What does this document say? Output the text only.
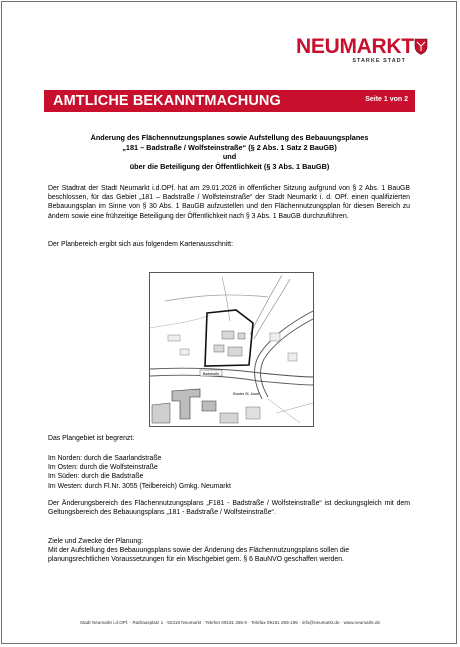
NEUMARKT
STARKE STADT
AMTLICHE BEKANNTMACHUNG	Seite 1 von 2
Änderung des Flächennutzungsplanes sowie Aufstellung des Bebauungsplanes
„181 – Badstraße / Wolfsteinstraße“ (§ 2 Abs. 1 Satz 2 BauGB)
und
über die Beteiligung der Öffentlichkeit (§ 3 Abs. 1 BauGB)
Der Stadtrat der Stadt Neumarkt i.d.OPf. hat am 29.01.2026 in öffentlicher Sitzung aufgrund von § 2 Abs. 1 BauGB beschlossen, für das Gebiet „181 – Badstraße / Wolfsteinstraße“ der Stadt Neumarkt i. d. OPf. einen qualifizierten Bebauungsplan im Sinne von § 30 Abs. 1 BauGB aufzustellen und den Flächennutzungsplan für diesen Bereich zu ändern sowie eine frühzeitige Beteiligung der Öffentlichkeit nach § 3 Abs. 1 BauGB durchzuführen.
Der Planbereich ergibt sich aus folgendem Kartenausschnitt:
Badstraße
Kloster St. Josef
Das Plangebiet ist begrenzt:
Im Norden: durch die Saarlandstraße
Im Osten: durch die Wolfsteinstraße
Im Süden: durch die Badstraße
Im Westen: durch Fl.Nr. 3055 (Teilbereich) Gmkg. Neumarkt
Der Änderungsbereich des Flächennutzungsplans „F181 - Badstraße / Wolfsteinstraße“ ist deckungsgleich mit dem Geltungsbereich des Bebauungsplans „181 - Badstraße / Wolfsteinstraße“.
Ziele und Zwecke der Planung:
Mit der Aufstellung des Bebauungsplans sowie der Änderung des Flächennutzungsplans sollen die planungsrechtlichen Voraussetzungen für ein Mischgebiet gem. § 6 BauNVO geschaffen werden.
Stadt Neumarkt i.d.OPf. · Rathausplatz 1 · 92318 Neumarkt · Telefon 09181 255-0 · Telefax 09181 255-195 · info@neumarkt.de · www.neumarkt.de
